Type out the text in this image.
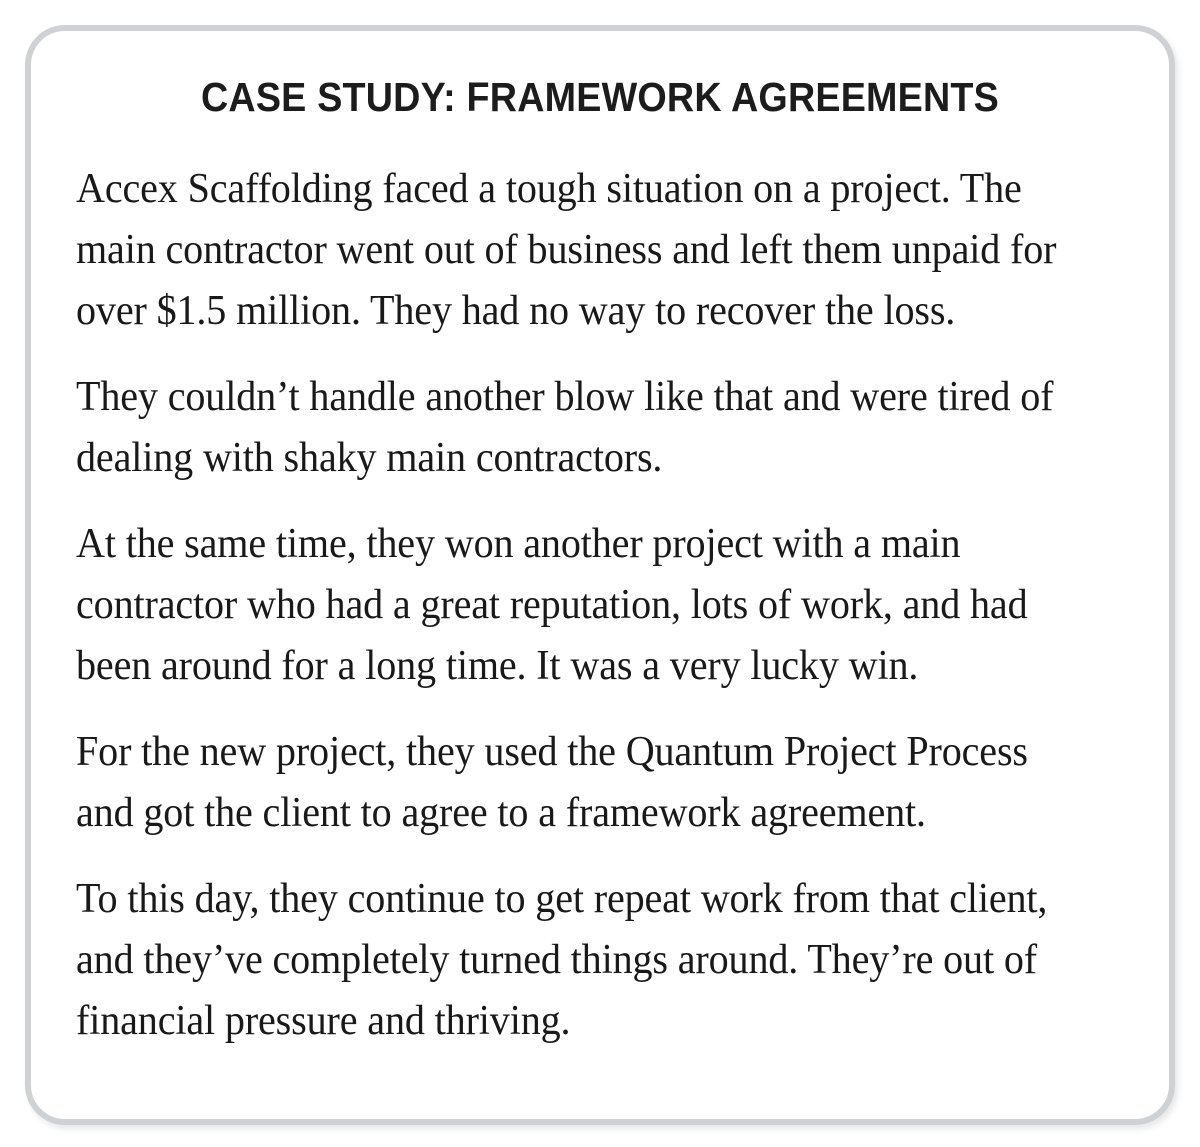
CASE STUDY: FRAMEWORK AGREEMENTS

Accex Scaffolding faced a tough situation on a project. The main contractor went out of business and left them unpaid for over $1.5 million. They had no way to recover the loss.

They couldn’t handle another blow like that and were tired of dealing with shaky main contractors.

At the same time, they won another project with a main contractor who had a great reputation, lots of work, and had been around for a long time. It was a very lucky win.

For the new project, they used the Quantum Project Process and got the client to agree to a framework agreement.

To this day, they continue to get repeat work from that client, and they’ve completely turned things around. They’re out of financial pressure and thriving.
